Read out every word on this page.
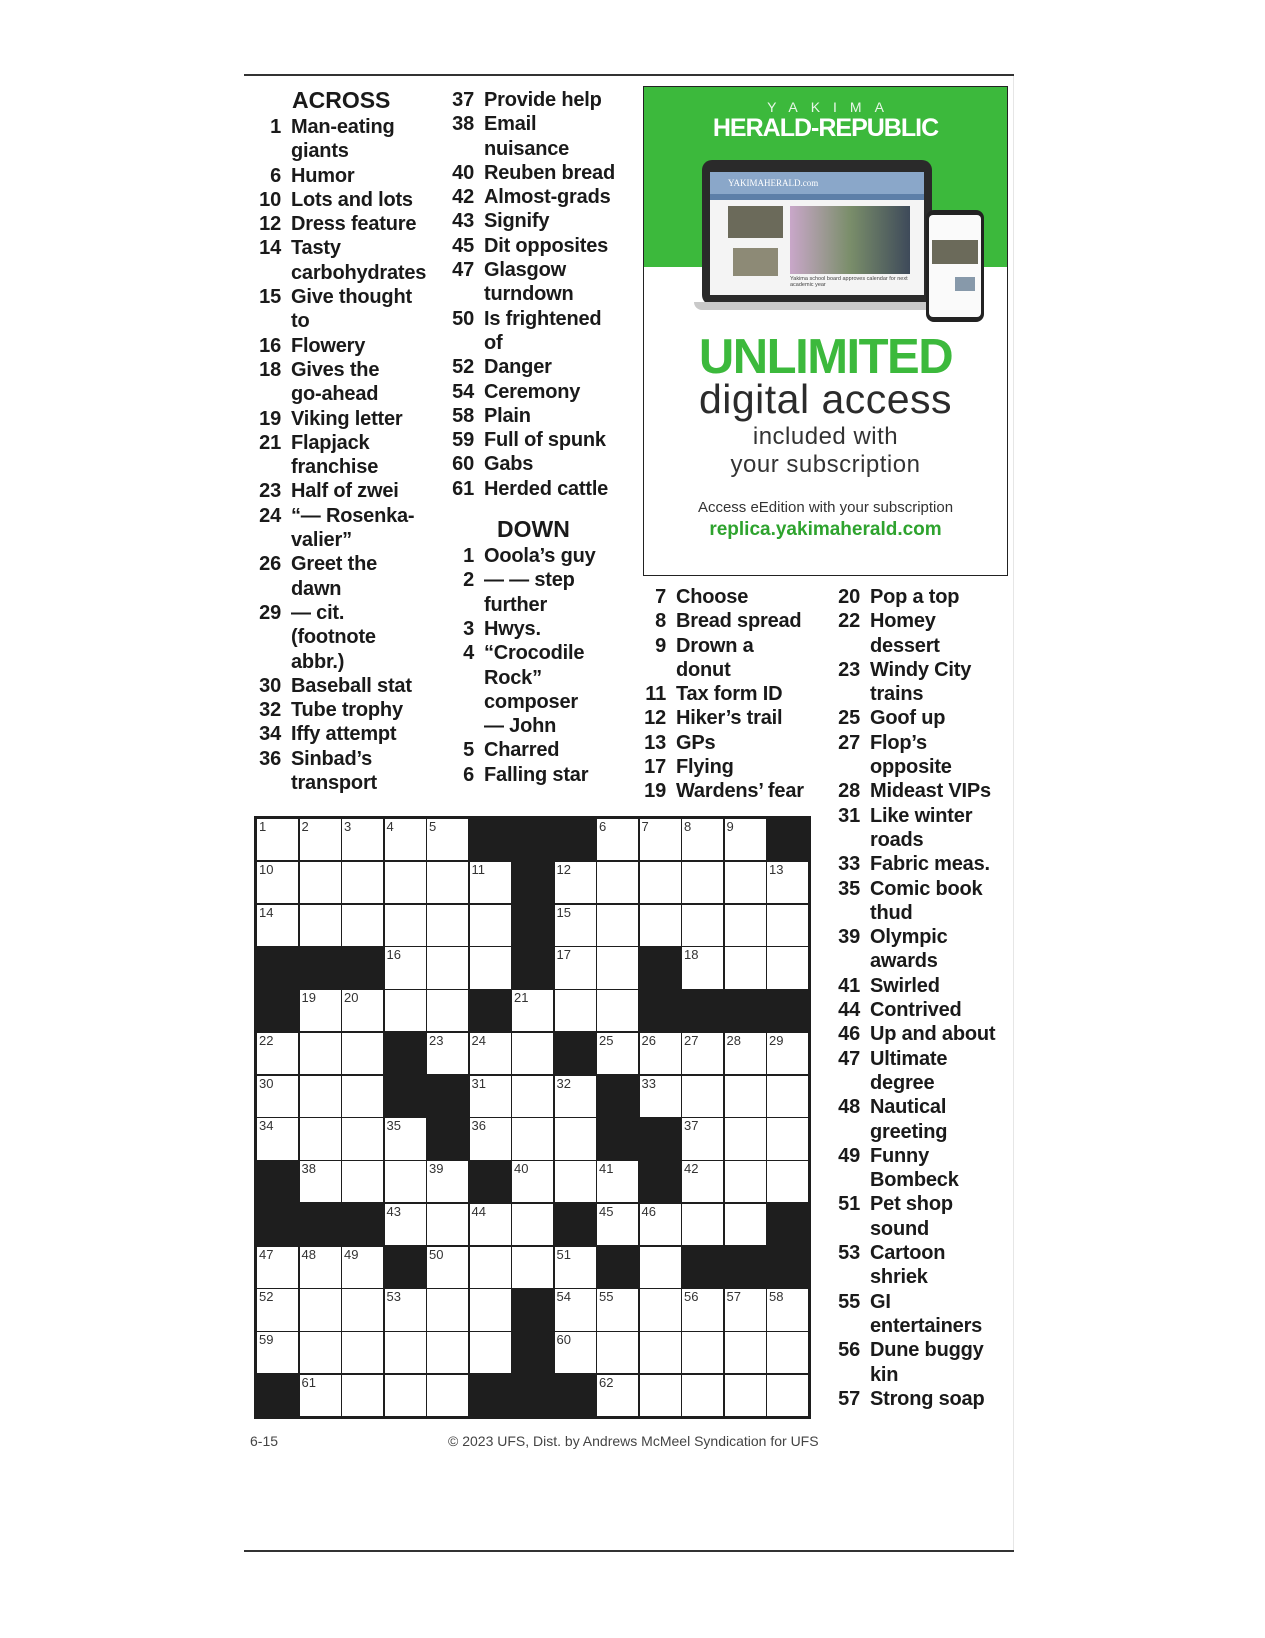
ACROSS
1 Man-eating
giants
6 Humor
10 Lots and lots
12 Dress feature
14 Tasty
carbohydrates
15 Give thought
to
16 Flowery
18 Gives the
go-ahead
19 Viking letter
21 Flapjack
franchise
23 Half of zwei
24 “— Rosenka-
valier”
26 Greet the
dawn
29 — cit.
(footnote
abbr.)
30 Baseball stat
32 Tube trophy
34 Iffy attempt
36 Sinbad’s
transport
37 Provide help
38 Email
nuisance
40 Reuben bread
42 Almost-grads
43 Signify
45 Dit opposites
47 Glasgow
turndown
50 Is frightened
of
52 Danger
54 Ceremony
58 Plain
59 Full of spunk
60 Gabs
61 Herded cattle
DOWN
1 Ooola’s guy
2 — — step
further
3 Hwys.
4 “Crocodile
Rock”
composer
— John
5 Charred
6 Falling star
7 Choose
8 Bread spread
9 Drown a
donut
11 Tax form ID
12 Hiker’s trail
13 GPs
17 Flying
19 Wardens’ fear
20 Pop a top
22 Homey
dessert
23 Windy City
trains
25 Goof up
27 Flop’s
opposite
28 Mideast VIPs
31 Like winter
roads
33 Fabric meas.
35 Comic book
thud
39 Olympic
awards
41 Swirled
44 Contrived
46 Up and about
47 Ultimate
degree
48 Nautical
greeting
49 Funny
Bombeck
51 Pet shop
sound
53 Cartoon
shriek
55 GI
entertainers
56 Dune buggy
kin
57 Strong soap
YAKIMA
HERALD-REPUBLIC
YAKIMAHERALD.com
Yakima school board approves calendar for next academic year
UNLIMITED
digital access
included with
your subscription
Access eEdition with your subscription
replica.yakimaherald.com
1	2	3	4	5	6	7	8	9
10	11	12	13
14	15
16	17	18
19 20	21
22	23 24	25 26 27 28 29
30	31	32	33
34	35	36	37
38	39	40	41	42
43	44	45 46
47 48 49	50	51
52	53	54 55	56 57 58
59	60
61	62
6-15	© 2023 UFS, Dist. by Andrews McMeel Syndication for UFS
